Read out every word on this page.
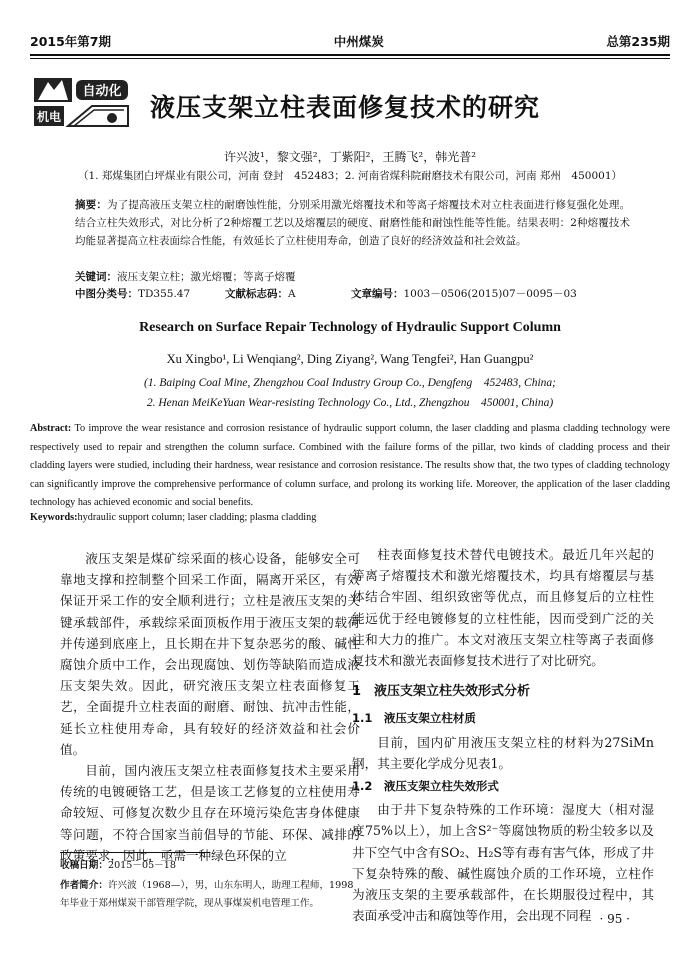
2015年第7期	中州煤炭	总第235期
自动化
机电	液压支架立柱表面修复技术的研究
许兴波¹，黎文强²，丁紫阳²，王腾飞²，韩光普²
（1. 郑煤集团白坪煤业有限公司，河南 登封　452483；2. 河南省煤科院耐磨技术有限公司，河南 郑州　450001）
摘要：为了提高液压支架立柱的耐磨蚀性能，分别采用激光熔覆技术和等离子熔覆技术对立柱表面进行修复强化处理。结合立柱失效形式，对比分析了2种熔覆工艺以及熔覆层的硬度、耐磨性能和耐蚀性能等性能。结果表明：2种熔覆技术均能显著提高立柱表面综合性能，有效延长了立柱使用寿命，创造了良好的经济效益和社会效益。
关键词：液压支架立柱；激光熔覆；等离子熔覆
中图分类号：TD355.47	文献标志码：A	文章编号：1003－0506(2015)07－0095－03
Research on Surface Repair Technology of Hydraulic Support Column
Xu Xingbo¹, Li Wenqiang², Ding Ziyang², Wang Tengfei², Han Guangpu²
(1. Baiping Coal Mine, Zhengzhou Coal Industry Group Co., Dengfeng　452483, China;
2. Henan MeiKeYuan Wear-resisting Technology Co., Ltd., Zhengzhou　450001, China)
Abstract: To improve the wear resistance and corrosion resistance of hydraulic support column, the laser cladding and plasma cladding technology were respectively used to repair and strengthen the column surface. Combined with the failure forms of the pillar, two kinds of cladding process and their cladding layers were studied, including their hardness, wear resistance and corrosion resistance. The results show that, the two types of cladding technology can significantly improve the comprehensive performance of column surface, and prolong its working life. Moreover, the application of the laser cladding technology has achieved economic and social benefits.
Keywords:hydraulic support column; laser cladding; plasma cladding

液压支架是煤矿综采面的核心设备，能够安全可靠地支撑和控制整个回采工作面，隔离开采区，有效保证开采工作的安全顺利进行；立柱是液压支架的关键承载部件，承载综采面顶板作用于液压支架的载荷并传递到底座上，且长期在井下复杂恶劣的酸、碱性腐蚀介质中工作，会出现腐蚀、划伤等缺陷而造成液压支架失效。因此，研究液压支架立柱表面修复工艺，全面提升立柱表面的耐磨、耐蚀、抗冲击性能，延长立柱使用寿命，具有较好的经济效益和社会价值。

目前，国内液压支架立柱表面修复技术主要采用传统的电镀硬铬工艺，但是该工艺修复的立柱使用寿命较短、可修复次数少且存在环境污染危害身体健康等问题，不符合国家当前倡导的节能、环保、减排的政策要求，因此，亟需一种绿色环保的立

柱表面修复技术替代电镀技术。最近几年兴起的等离子熔覆技术和激光熔覆技术，均具有熔覆层与基体结合牢固、组织致密等优点，而且修复后的立柱性能远优于经电镀修复的立柱性能，因而受到广泛的关注和大力的推广。本文对液压支架立柱等离子表面修复技术和激光表面修复技术进行了对比研究。

1　液压支架立柱失效形式分析
1.1　液压支架立柱材质

目前，国内矿用液压支架立柱的材料为27SiMn钢，其主要化学成分见表1。

1.2　液压支架立柱失效形式

由于井下复杂特殊的工作环境：湿度大（相对湿度75%以上），加上含S²⁻等腐蚀物质的粉尘较多以及井下空气中含有SO₂、H₂S等有毒有害气体，形成了井下复杂特殊的酸、碱性腐蚀介质的工作环境，立柱作为液压支架的主要承载部件，在长期服役过程中，其表面承受冲击和腐蚀等作用，会出现不同程

收稿日期：2015－05－18
作者简介：许兴波（1968—），男，山东东明人，助理工程师，1998年毕业于郑州煤炭干部管理学院，现从事煤炭机电管理工作。
· 95 ·
